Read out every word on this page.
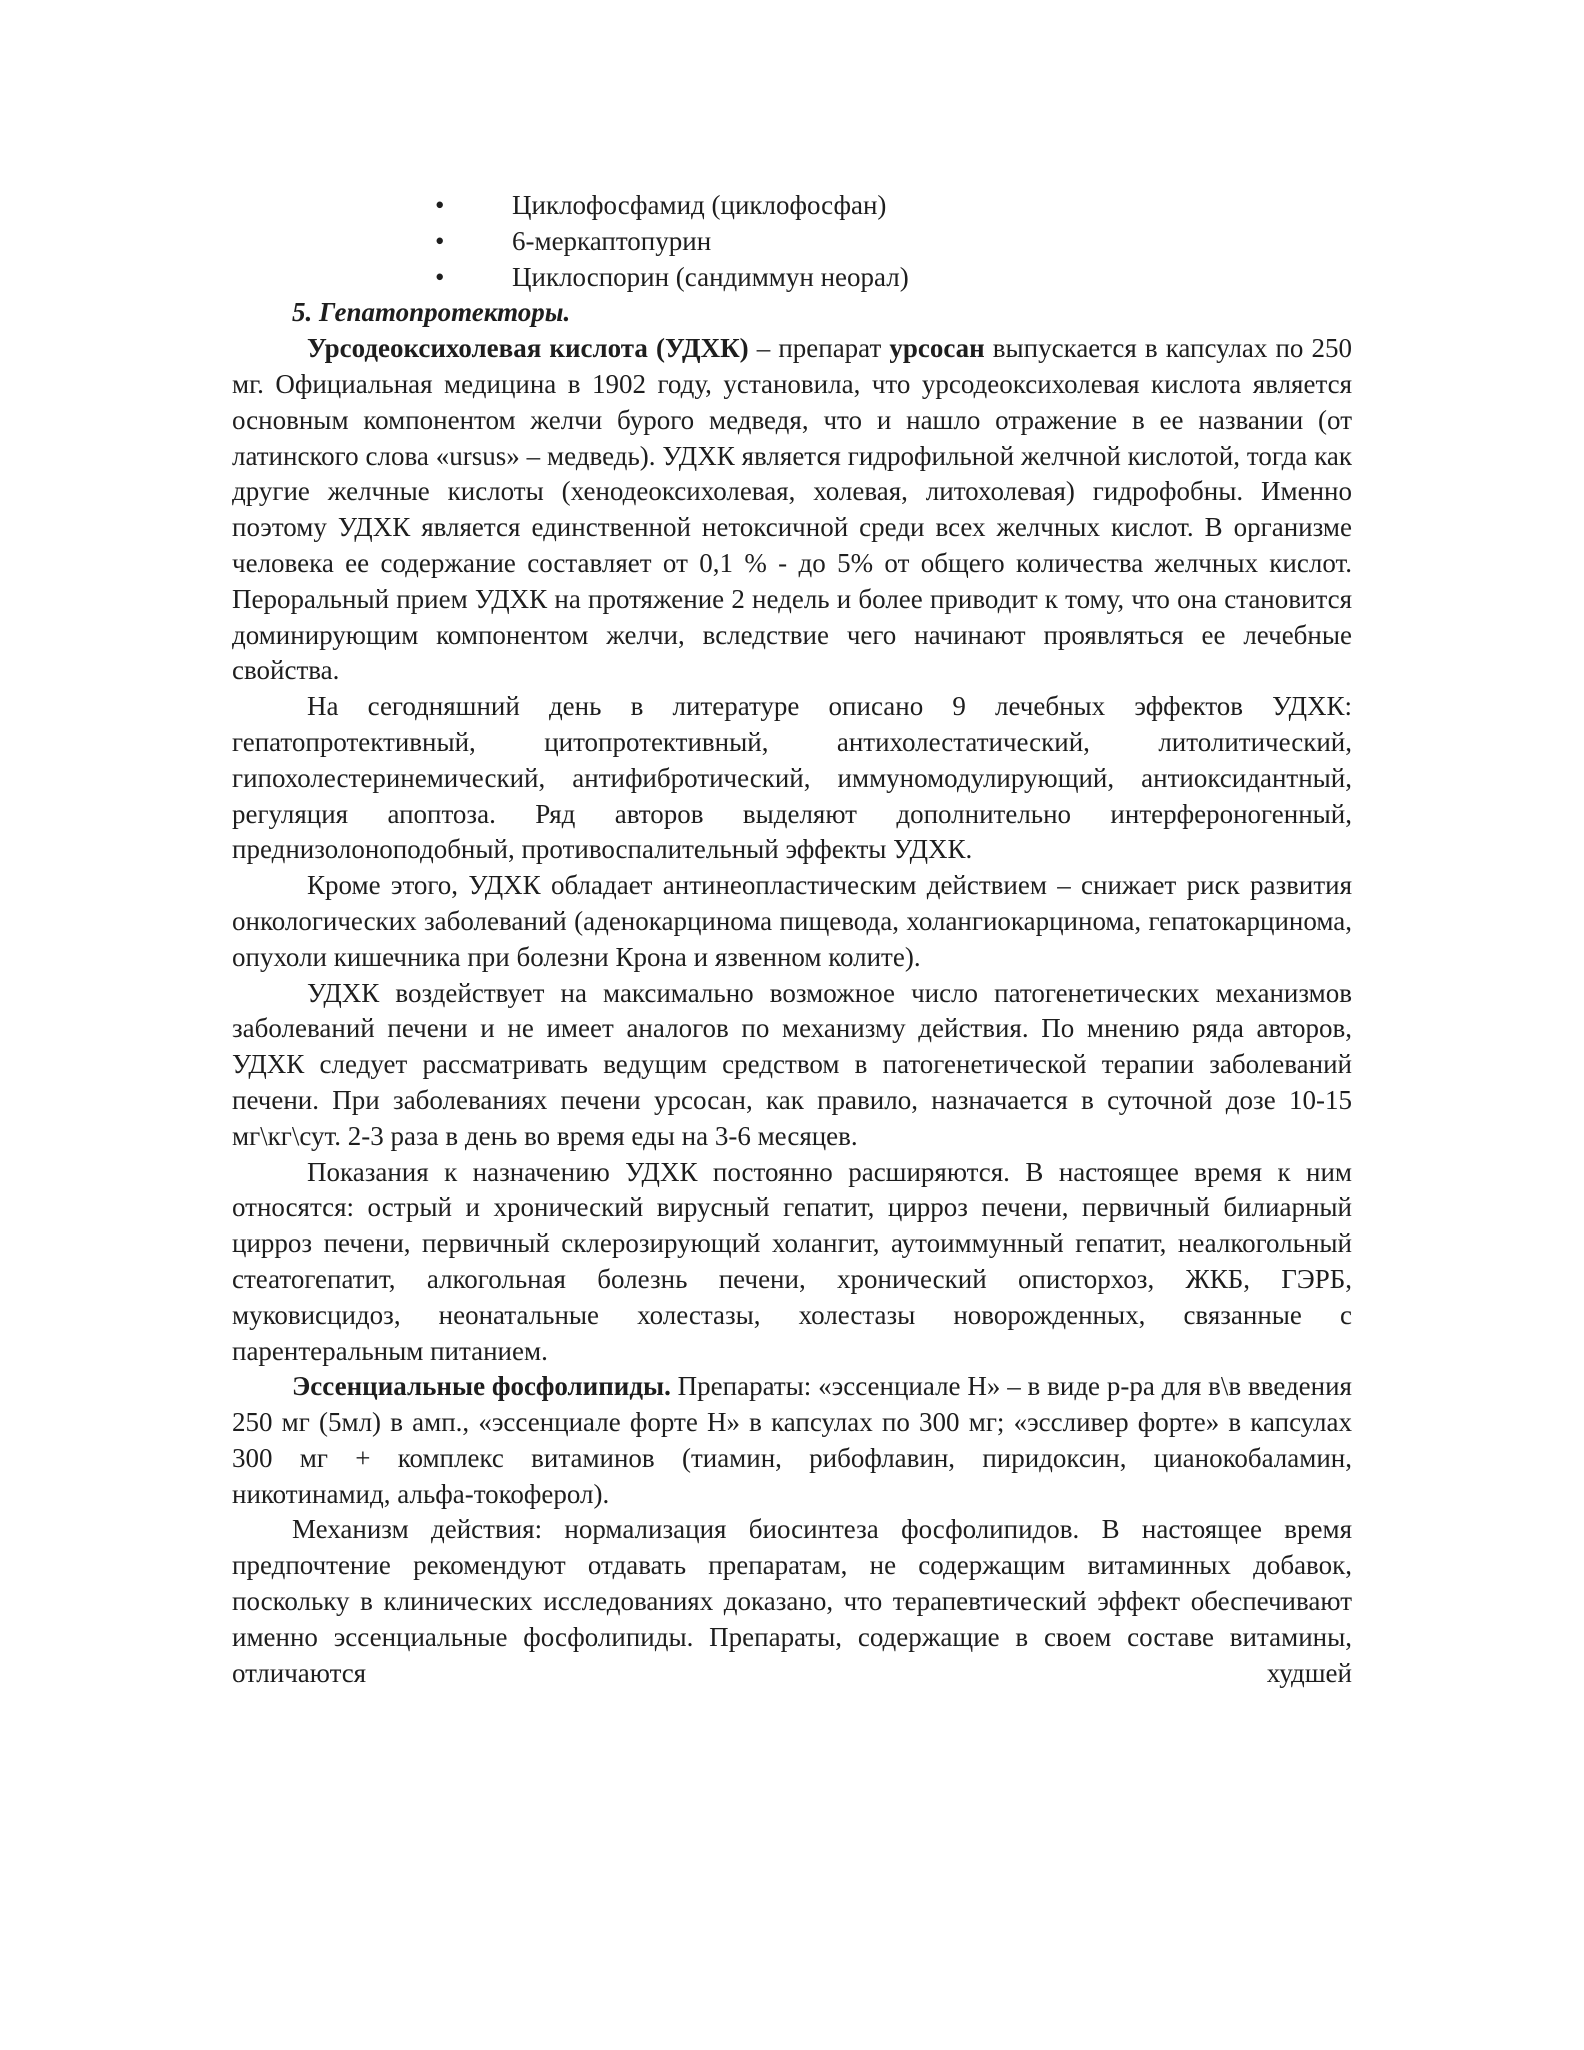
• Циклофосфамид (циклофосфан)
• 6-меркаптопурин
• Циклоспорин (сандиммун неорал)

5. Гепатопротекторы.

Урсодеоксихолевая кислота (УДХК) – препарат урсосан выпускается в капсулах по 250 мг. Официальная медицина в 1902 году, установила, что урсодеоксихолевая кислота является основным компонентом желчи бурого медведя, что и нашло отражение в ее названии (от латинского слова «ursus» – медведь). УДХК является гидрофильной желчной кислотой, тогда как другие желчные кислоты (хенодеоксихолевая, холевая, литохолевая) гидрофобны. Именно поэтому УДХК является единственной нетоксичной среди всех желчных кислот. В организме человека ее содержание составляет от 0,1 % - до 5% от общего количества желчных кислот. Пероральный прием УДХК на протяжение 2 недель и более приводит к тому, что она становится доминирующим компонентом желчи, вследствие чего начинают проявляться ее лечебные свойства.

На сегодняшний день в литературе описано 9 лечебных эффектов УДХК: гепатопротективный, цитопротективный, антихолестатический, литолитический, гипохолестеринемический, антифибротический, иммуномодулирующий, антиоксидантный, регуляция апоптоза. Ряд авторов выделяют дополнительно интерфероногенный, преднизолоноподобный, противоспалительный эффекты УДХК.

Кроме этого, УДХК обладает антинеопластическим действием – снижает риск развития онкологических заболеваний (аденокарцинома пищевода, холангиокарцинома, гепатокарцинома, опухоли кишечника при болезни Крона и язвенном колите).

УДХК воздействует на максимально возможное число патогенетических механизмов заболеваний печени и не имеет аналогов по механизму действия. По мнению ряда авторов, УДХК следует рассматривать ведущим средством в патогенетической терапии заболеваний печени. При заболеваниях печени урсосан, как правило, назначается в суточной дозе 10-15 мг\кг\сут. 2-3 раза в день во время еды на 3-6 месяцев.

Показания к назначению УДХК постоянно расширяются. В настоящее время к ним относятся: острый и хронический вирусный гепатит, цирроз печени, первичный билиарный цирроз печени, первичный склерозирующий холангит, аутоиммунный гепатит, неалкогольный стеатогепатит, алкогольная болезнь печени, хронический описторхоз, ЖКБ, ГЭРБ, муковисцидоз, неонатальные холестазы, холестазы новорожденных, связанные с парентеральным питанием.

Эссенциальные фосфолипиды. Препараты: «эссенциале Н» – в виде р-ра для в\в введения 250 мг (5мл) в амп., «эссенциале форте Н» в капсулах по 300 мг; «эссливер форте» в капсулах 300 мг + комплекс витаминов (тиамин, рибофлавин, пиридоксин, цианокобаламин, никотинамид, альфа-токоферол).

Механизм действия: нормализация биосинтеза фосфолипидов. В настоящее время предпочтение рекомендуют отдавать препаратам, не содержащим витаминных добавок, поскольку в клинических исследованиях доказано, что терапевтический эффект обеспечивают именно эссенциальные фосфолипиды. Препараты, содержащие в своем составе витамины, отличаются худшей
